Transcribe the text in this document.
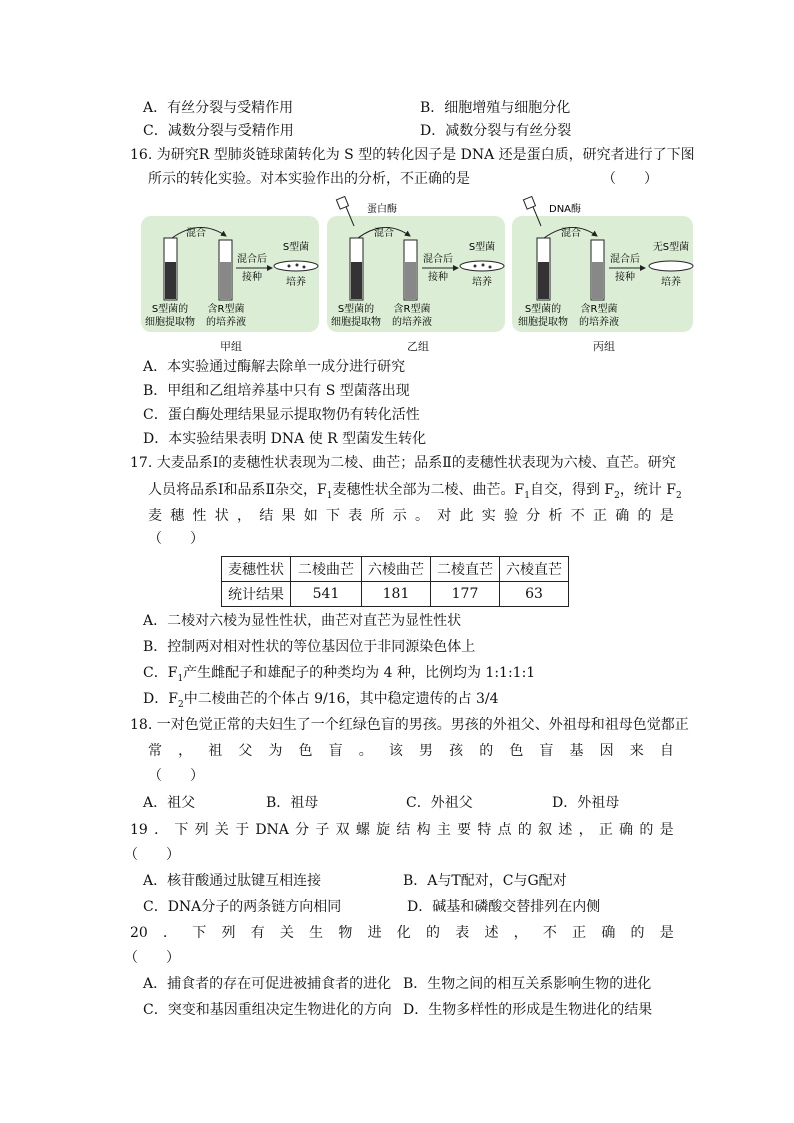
A．有丝分裂与受精作用	B．细胞增殖与细胞分化
C．减数分裂与受精作用	D．减数分裂与有丝分裂
16. 为研究R 型肺炎链球菌转化为 S 型的转化因子是 DNA 还是蛋白质，研究者进行了下图
所示的转化实验。对本实验作出的分析，不正确的是	（　　）
混合
混合后
接种
S型菌
培养
S型菌的
细胞提取物
含R型菌
的培养液
蛋白酶
混合
混合后
接种
S型菌
培养
S型菌的
细胞提取物
含R型菌
的培养液
DNA酶
混合
混合后
接种
无S型菌
培养
S型菌的
细胞提取物
含R型菌
的培养液
甲组	乙组	丙组
A．本实验通过酶解去除单一成分进行研究
B．甲组和乙组培养基中只有 S 型菌落出现
C．蛋白酶处理结果显示提取物仍有转化活性
D．本实验结果表明 DNA 使 R 型菌发生转化
17. 大麦品系Ⅰ的麦穗性状表现为二棱、曲芒；品系Ⅱ的麦穗性状表现为六棱、直芒。研究
人员将品系Ⅰ和品系Ⅱ杂交，$F_1$麦穗性状全部为二棱、曲芒。$F_1$自交，得到 $F_2$，统计 $F_2$
麦 穗 性 状 ， 结 果 如 下 表 所 示 。 对 此 实 验 分 析 不 正 确 的 是
（　　）
麦穗性状	二棱曲芒	六棱曲芒	二棱直芒	六棱直芒
统计结果	541	181	177	63
A．二棱对六棱为显性性状，曲芒对直芒为显性性状
B．控制两对相对性状的等位基因位于非同源染色体上
C．$F_1$产生雌配子和雄配子的种类均为 4 种，比例均为 1:1:1:1
D．$F_2$中二棱曲芒的个体占 9/16，其中稳定遗传的占 3/4
18. 一对色觉正常的夫妇生了一个红绿色盲的男孩。男孩的外祖父、外祖母和祖母色觉都正
常 ， 祖 父 为 色 盲 。 该 男 孩 的 色 盲 基 因 来 自
（　　）
A．祖父	B．祖母	C．外祖父	D．外祖母
19 ． 下 列 关 于 DNA 分 子 双 螺 旋 结 构 主 要 特 点 的 叙 述 ， 正 确 的 是
（　　）
A．核苷酸通过肽键互相连接	B．A与T配对，C与G配对
C．DNA分子的两条链方向相同	D．碱基和磷酸交替排列在内侧
20 ． 下 列 有 关 生 物 进 化 的 表 述 ， 不 正 确 的 是
（　　）
A．捕食者的存在可促进被捕食者的进化 B．生物之间的相互关系影响生物的进化
C．突变和基因重组决定生物进化的方向 D．生物多样性的形成是生物进化的结果
